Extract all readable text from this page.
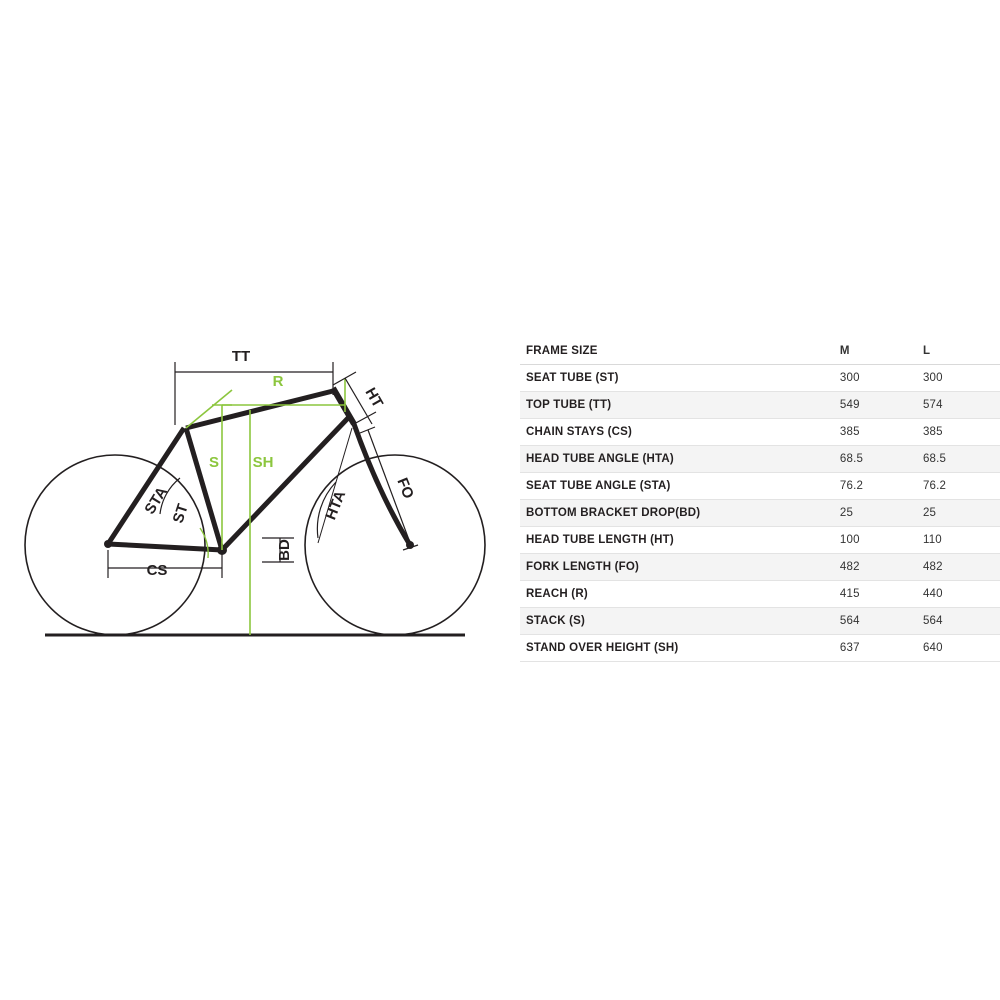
TT
R
HT
S SH
FO
STA
ST	HTA
CS
BD
FRAME SIZE	M	L
SEAT TUBE (ST)	300	300
TOP TUBE (TT)	549	574
CHAIN STAYS (CS)	385	385
HEAD TUBE ANGLE (HTA)	68.5	68.5
SEAT TUBE ANGLE (STA)	76.2	76.2
BOTTOM BRACKET DROP(BD)	25	25
HEAD TUBE LENGTH (HT)	100	110
FORK LENGTH (FO)	482	482
REACH (R)	415	440
STACK (S)	564	564
STAND OVER HEIGHT (SH)	637	640
